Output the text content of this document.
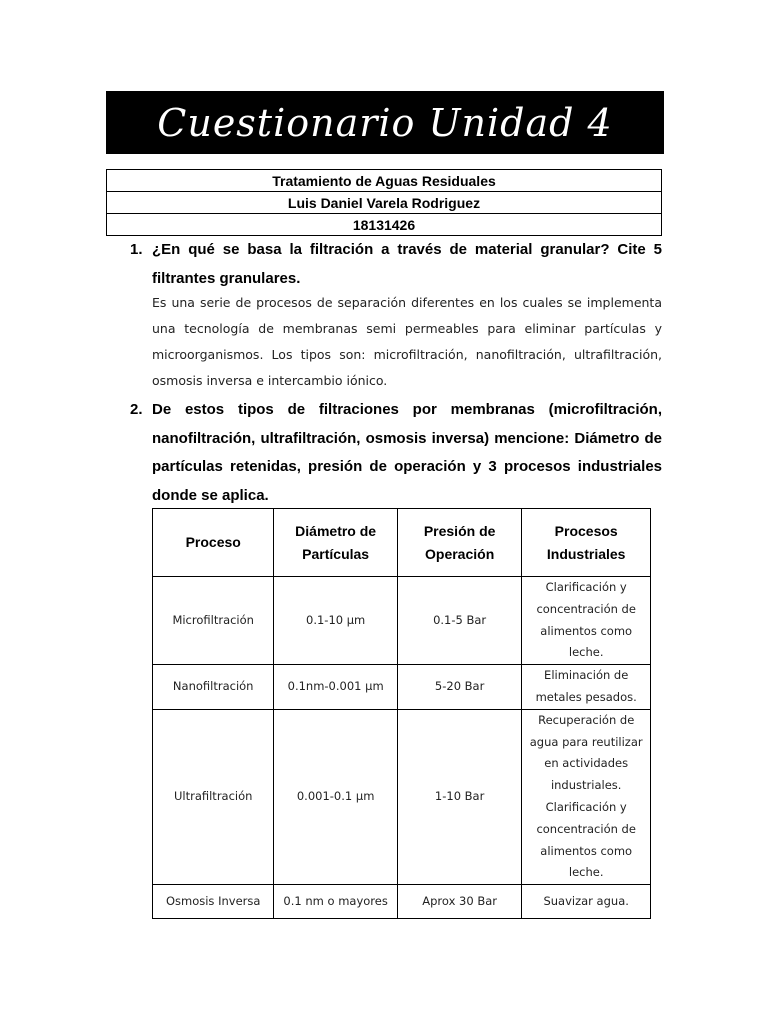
Cuestionario Unidad 4
Tratamiento de Aguas Residuales
Luis Daniel Varela Rodriguez
18131426
1. ¿En qué se basa la filtración a través de material granular? Cite 5 filtrantes granulares.
Es una serie de procesos de separación diferentes en los cuales se implementa una tecnología de membranas semi permeables para eliminar partículas y microorganismos. Los tipos son: microfiltración, nanofiltración, ultrafiltración, osmosis inversa e intercambio iónico.
2. De estos tipos de filtraciones por membranas (microfiltración, nanofiltración, ultrafiltración, osmosis inversa) mencione: Diámetro de partículas retenidas, presión de operación y 3 procesos industriales donde se aplica.
Proceso	Diámetro de Partículas	Presión de Operación	Procesos Industriales
Microfiltración	0.1-10 µm	0.1-5 Bar	Clarificación y concentración de alimentos como leche.
Nanofiltración	0.1nm-0.001 µm	5-20 Bar	Eliminación de metales pesados.
Ultrafiltración	0.001-0.1 µm	1-10 Bar	Recuperación de agua para reutilizar en actividades industriales. Clarificación y concentración de alimentos como leche.
Osmosis Inversa	0.1 nm o mayores	Aprox 30 Bar	Suavizar agua.
